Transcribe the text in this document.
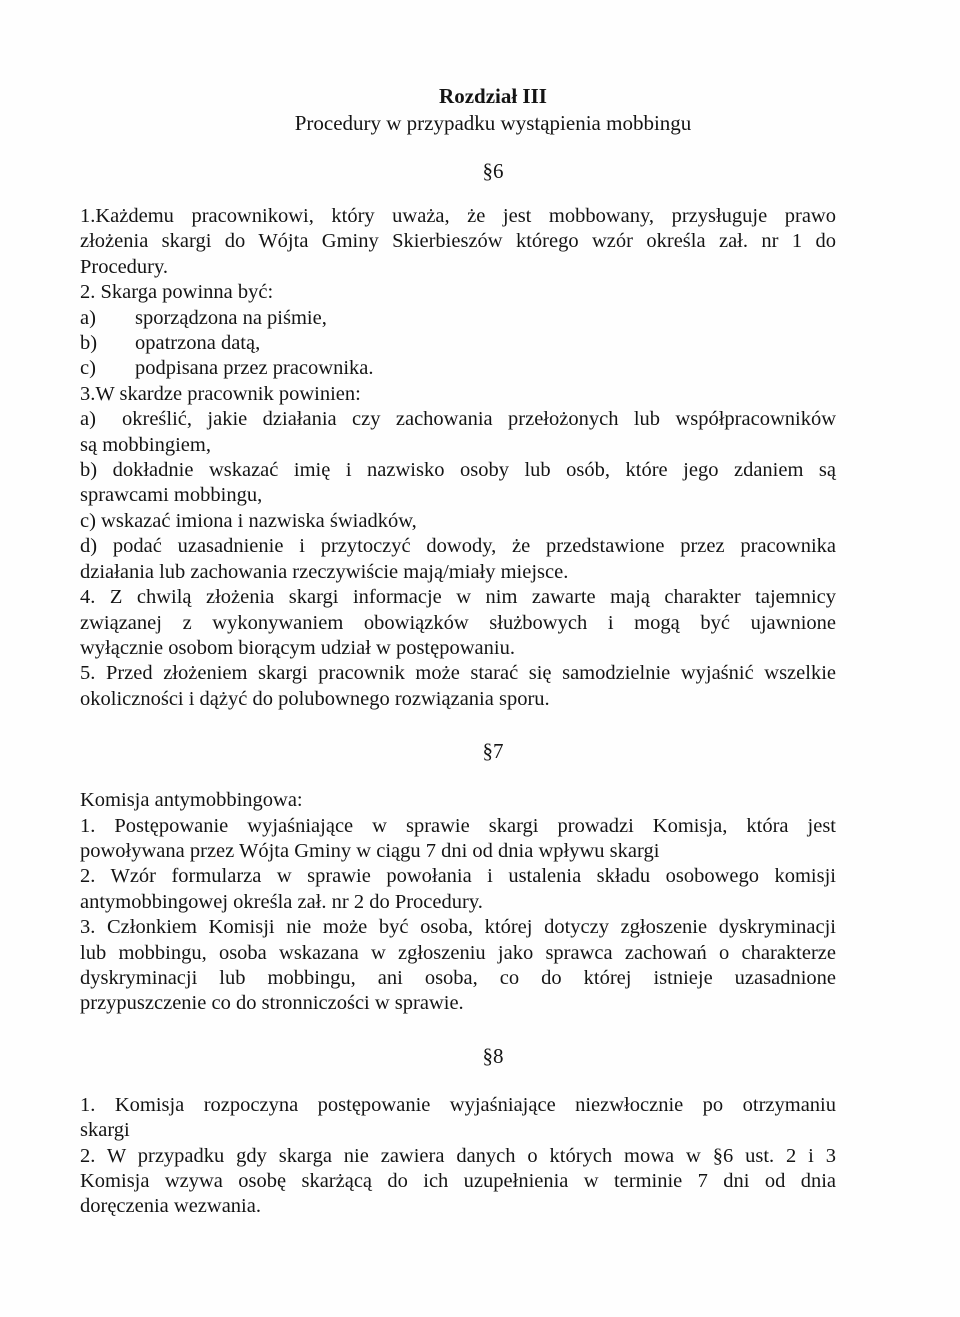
Rozdział III
Procedury w przypadku wystąpienia mobbingu
§6

1.Każdemu pracownikowi, który uważa, że jest mobbowany, przysługuje prawo

złożenia skargi do Wójta Gminy Skierbieszów którego wzór określa zał. nr 1 do

Procedury.

2. Skarga powinna być:

a)	sporządzona na piśmie,
b)	opatrzona datą,
c)	podpisana przez pracownika.

3.W skardze pracownik powinien:

a)	określić, jakie działania czy zachowania przełożonych lub współpracowników

są mobbingiem,

b) dokładnie wskazać imię i nazwisko osoby lub osób, które jego zdaniem są

sprawcami mobbingu,

c) wskazać imiona i nazwiska świadków,

d) podać uzasadnienie i przytoczyć dowody, że przedstawione przez pracownika

działania lub zachowania rzeczywiście mają/miały miejsce.

4. Z chwilą złożenia skargi informacje w nim zawarte mają charakter tajemnicy

związanej z wykonywaniem obowiązków służbowych i mogą być ujawnione

wyłącznie osobom biorącym udział w postępowaniu.

5. Przed złożeniem skargi pracownik może starać się samodzielnie wyjaśnić wszelkie

okoliczności i dążyć do polubownego rozwiązania sporu.

§7

Komisja antymobbingowa:

1. Postępowanie wyjaśniające w sprawie skargi prowadzi Komisja, która jest

powoływana przez Wójta Gminy w ciągu 7 dni od dnia wpływu skargi

2. Wzór formularza w sprawie powołania i ustalenia składu osobowego komisji

antymobbingowej określa zał. nr 2 do Procedury.

3. Członkiem Komisji nie może być osoba, której dotyczy zgłoszenie dyskryminacji

lub mobbingu, osoba wskazana w zgłoszeniu jako sprawca zachowań o charakterze

dyskryminacji lub mobbingu, ani osoba, co do której istnieje uzasadnione

przypuszczenie co do stronniczości w sprawie.

§8

1. Komisja rozpoczyna postępowanie wyjaśniające niezwłocznie po otrzymaniu

skargi

2. W przypadku gdy skarga nie zawiera danych o których mowa w §6 ust. 2 i 3

Komisja wzywa osobę skarżącą do ich uzupełnienia w terminie 7 dni od dnia

doręczenia wezwania.
